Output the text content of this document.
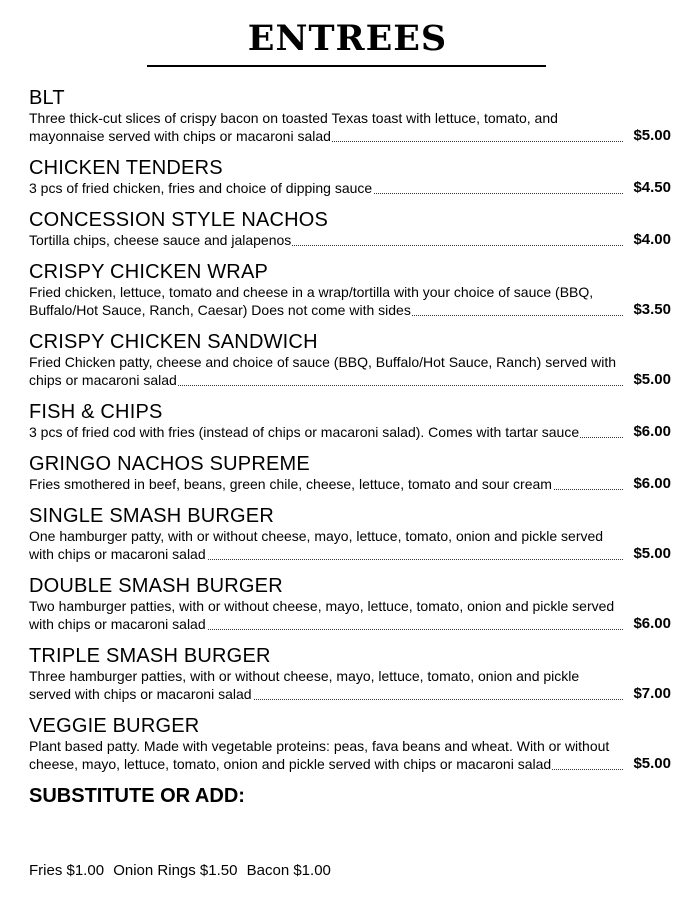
ENTREES
BLT
Three thick-cut slices of crispy bacon on toasted Texas toast with lettuce, tomato, and mayonnaise served with chips or macaroni salad	$5.00
CHICKEN TENDERS
3 pcs of fried chicken, fries and choice of dipping sauce	$4.50
CONCESSION STYLE NACHOS
Tortilla chips, cheese sauce and jalapenos	$4.00
CRISPY CHICKEN WRAP
Fried chicken, lettuce, tomato and cheese in a wrap/tortilla with your choice of sauce (BBQ, Buffalo/Hot Sauce, Ranch, Caesar) Does not come with sides	$3.50
CRISPY CHICKEN SANDWICH
Fried Chicken patty, cheese and choice of sauce (BBQ, Buffalo/Hot Sauce, Ranch) served with chips or macaroni salad	$5.00
FISH & CHIPS
3 pcs of fried cod with fries (instead of chips or macaroni salad). Comes with tartar sauce	$6.00
GRINGO NACHOS SUPREME
Fries smothered in beef, beans, green chile, cheese, lettuce, tomato and sour cream	$6.00
SINGLE SMASH BURGER
One hamburger patty, with or without cheese, mayo, lettuce, tomato, onion and pickle served with chips or macaroni salad	$5.00
DOUBLE SMASH BURGER
Two hamburger patties, with or without cheese, mayo, lettuce, tomato, onion and pickle served with chips or macaroni salad	$6.00
TRIPLE SMASH BURGER
Three hamburger patties, with or without cheese, mayo, lettuce, tomato, onion and pickle served with chips or macaroni salad	$7.00
VEGGIE BURGER
Plant based patty. Made with vegetable proteins: peas, fava beans and wheat. With or without cheese, mayo, lettuce, tomato, onion and pickle served with chips or macaroni salad	$5.00
SUBSTITUTE OR ADD:
Fries $1.00 Onion Rings $1.50 Bacon $1.00
